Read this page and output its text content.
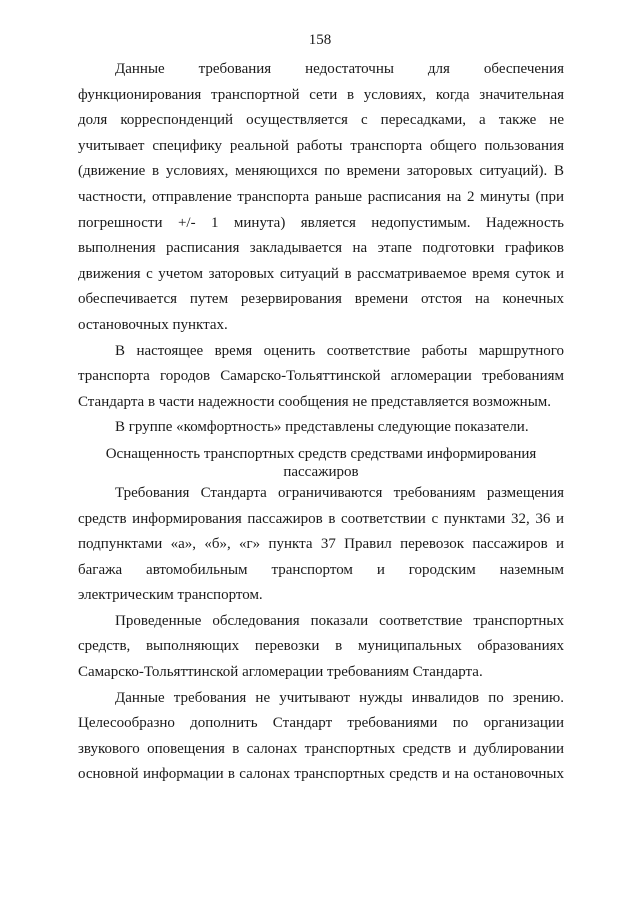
158

Данные требования недостаточны для обеспечения
функционирования транспортной сети в условиях, когда значительная
доля корреспонденций осуществляется с пересадками, а также не
учитывает специфику реальной работы транспорта общего пользования
(движение в условиях, меняющихся по времени заторовых ситуаций). В
частности, отправление транспорта раньше расписания на 2 минуты (при
погрешности +/- 1 минута) является недопустимым. Надежность
выполнения расписания закладывается на этапе подготовки графиков
движения с учетом заторовых ситуаций в рассматриваемое время суток и
обеспечивается путем резервирования времени отстоя на конечных
остановочных пунктах.

В настоящее время оценить соответствие работы маршрутного
транспорта городов Самарско-Тольяттинской агломерации требованиям
Стандарта в части надежности сообщения не представляется возможным.

В группе «комфортность» представлены следующие показатели.

Оснащенность транспортных средств средствами информирования
пассажиров

Требования Стандарта ограничиваются требованиям размещения
средств информирования пассажиров в соответствии с пунктами 32, 36 и
подпунктами «а», «б», «г» пункта 37 Правил перевозок пассажиров и
багажа автомобильным транспортом и городским наземным
электрическим транспортом.

Проведенные обследования показали соответствие транспортных
средств, выполняющих перевозки в муниципальных образованиях
Самарско-Тольяттинской агломерации требованиям Стандарта.

Данные требования не учитывают нужды инвалидов по зрению.
Целесообразно дополнить Стандарт требованиями по организации
звукового оповещения в салонах транспортных средств и дублировании
основной информации в салонах транспортных средств и на остановочных
